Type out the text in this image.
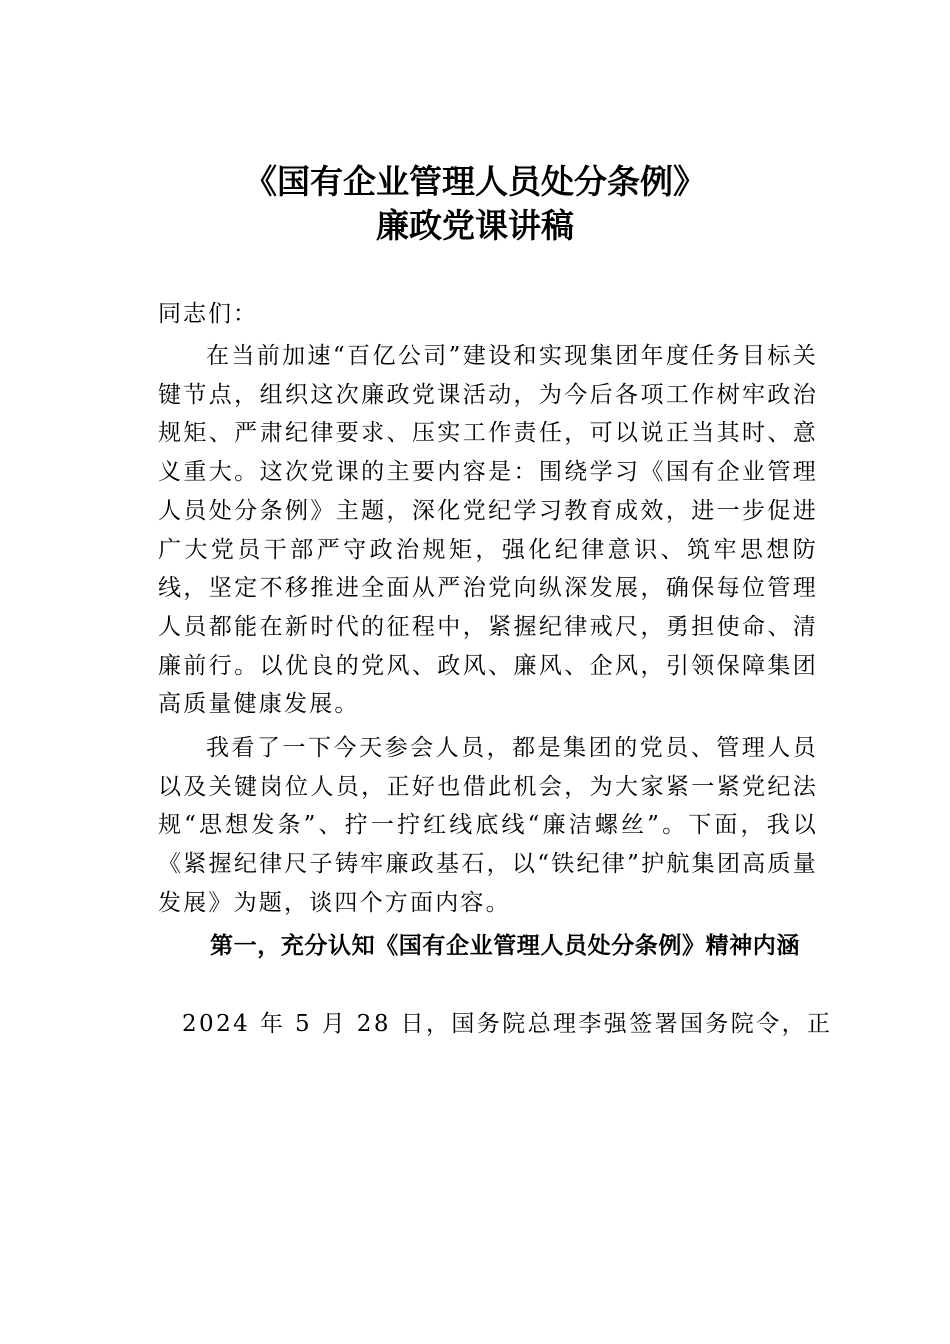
《国有企业管理人员处分条例》
廉政党课讲稿
同志们：

在当前加速“百亿公司”建设和实现集团年度任务目标关键节点，组织这次廉政党课活动，为今后各项工作树牢政治规矩、严肃纪律要求、压实工作责任，可以说正当其时、意义重大。这次党课的主要内容是：围绕学习《国有企业管理人员处分条例》主题，深化党纪学习教育成效，进一步促进广大党员干部严守政治规矩，强化纪律意识、筑牢思想防线，坚定不移推进全面从严治党向纵深发展，确保每位管理人员都能在新时代的征程中，紧握纪律戒尺，勇担使命、清廉前行。以优良的党风、政风、廉风、企风，引领保障集团高质量健康发展。

我看了一下今天参会人员，都是集团的党员、管理人员以及关键岗位人员，正好也借此机会，为大家紧一紧党纪法规“思想发条”、拧一拧红线底线“廉洁螺丝”。下面，我以《紧握纪律尺子铸牢廉政基石，以“铁纪律”护航集团高质量发展》为题，谈四个方面内容。

第一，充分认知《国有企业管理人员处分条例》精神内涵
2024 年 5 月 28 日，国务院总理李强签署国务院令，正
